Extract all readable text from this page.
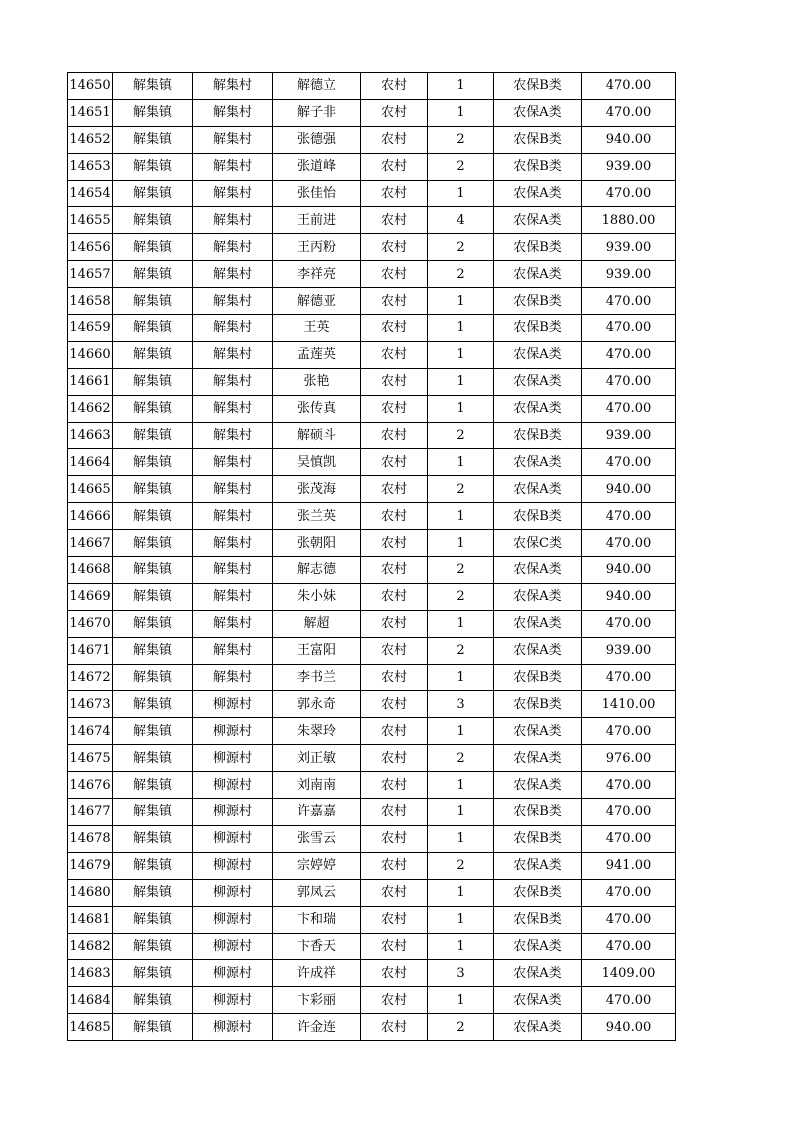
14650	解集镇	解集村	解德立	农村	1	农保B类	470.00
14651	解集镇	解集村	解子非	农村	1	农保A类	470.00
14652	解集镇	解集村	张德强	农村	2	农保B类	940.00
14653	解集镇	解集村	张道峰	农村	2	农保B类	939.00
14654	解集镇	解集村	张佳怡	农村	1	农保A类	470.00
14655	解集镇	解集村	王前进	农村	4	农保A类	1880.00
14656	解集镇	解集村	王丙粉	农村	2	农保B类	939.00
14657	解集镇	解集村	李祥亮	农村	2	农保A类	939.00
14658	解集镇	解集村	解德亚	农村	1	农保B类	470.00
14659	解集镇	解集村	王英	农村	1	农保B类	470.00
14660	解集镇	解集村	孟莲英	农村	1	农保A类	470.00
14661	解集镇	解集村	张艳	农村	1	农保A类	470.00
14662	解集镇	解集村	张传真	农村	1	农保A类	470.00
14663	解集镇	解集村	解硕斗	农村	2	农保B类	939.00
14664	解集镇	解集村	吴慎凯	农村	1	农保A类	470.00
14665	解集镇	解集村	张茂海	农村	2	农保A类	940.00
14666	解集镇	解集村	张兰英	农村	1	农保B类	470.00
14667	解集镇	解集村	张朝阳	农村	1	农保C类	470.00
14668	解集镇	解集村	解志德	农村	2	农保A类	940.00
14669	解集镇	解集村	朱小妹	农村	2	农保A类	940.00
14670	解集镇	解集村	解超	农村	1	农保A类	470.00
14671	解集镇	解集村	王富阳	农村	2	农保A类	939.00
14672	解集镇	解集村	李书兰	农村	1	农保B类	470.00
14673	解集镇	柳源村	郭永奇	农村	3	农保B类	1410.00
14674	解集镇	柳源村	朱翠玲	农村	1	农保A类	470.00
14675	解集镇	柳源村	刘正敏	农村	2	农保A类	976.00
14676	解集镇	柳源村	刘南南	农村	1	农保A类	470.00
14677	解集镇	柳源村	许嘉嘉	农村	1	农保B类	470.00
14678	解集镇	柳源村	张雪云	农村	1	农保B类	470.00
14679	解集镇	柳源村	宗婷婷	农村	2	农保A类	941.00
14680	解集镇	柳源村	郭凤云	农村	1	农保B类	470.00
14681	解集镇	柳源村	卞和瑞	农村	1	农保B类	470.00
14682	解集镇	柳源村	卞香天	农村	1	农保A类	470.00
14683	解集镇	柳源村	许成祥	农村	3	农保A类	1409.00
14684	解集镇	柳源村	卞彩丽	农村	1	农保A类	470.00
14685	解集镇	柳源村	许金连	农村	2	农保A类	940.00
